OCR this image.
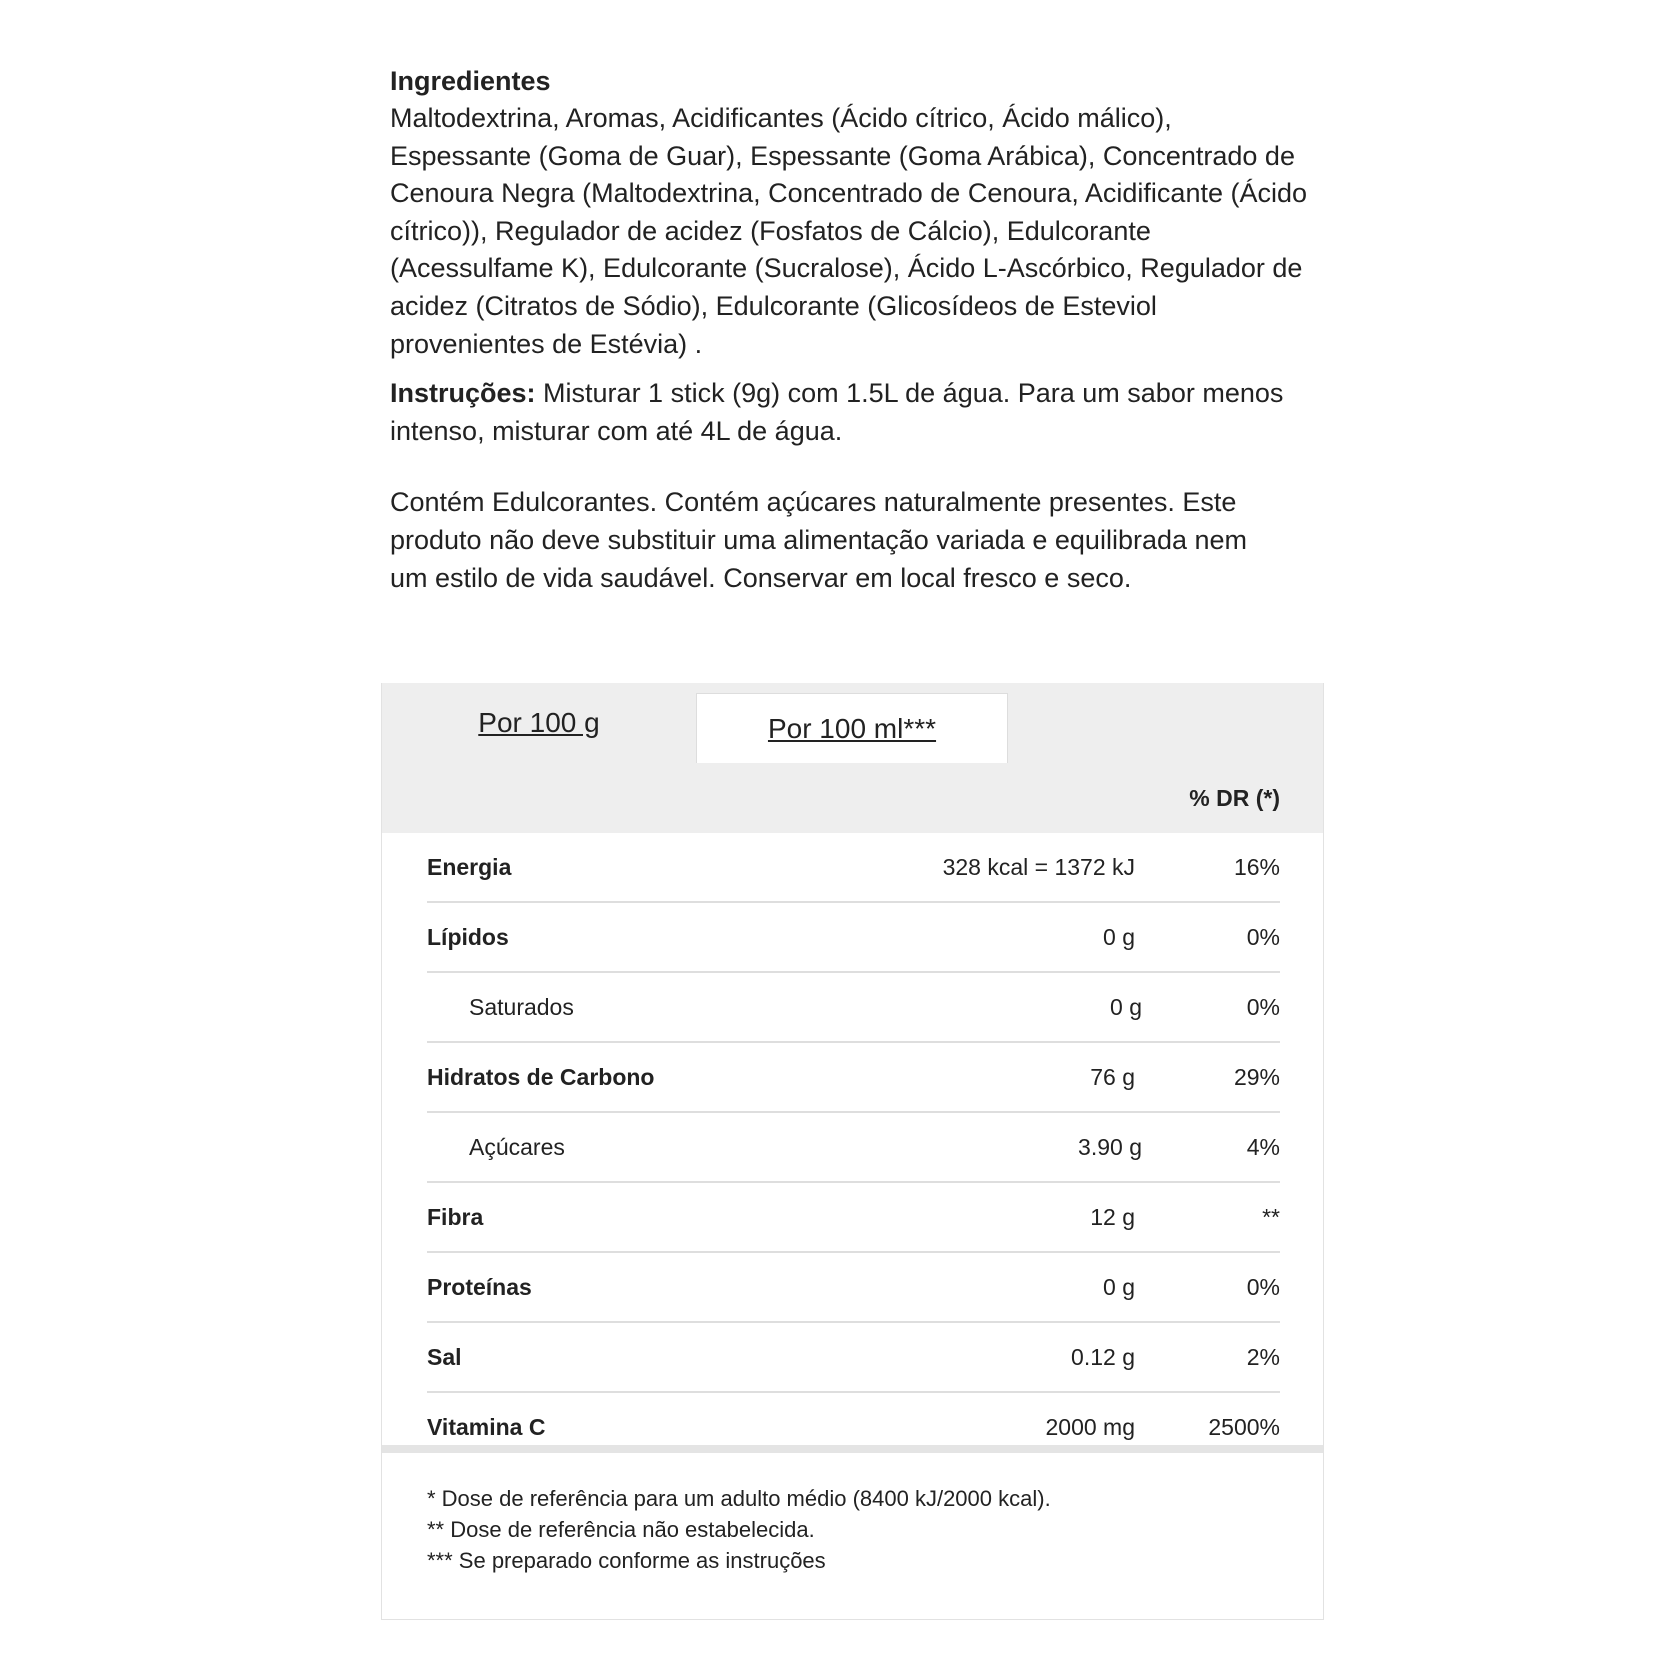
Ingredientes

Maltodextrina, Aromas, Acidificantes (Ácido cítrico, Ácido málico), Espessante (Goma de Guar), Espessante (Goma Arábica), Concentrado de Cenoura Negra (Maltodextrina, Concentrado de Cenoura, Acidificante (Ácido cítrico)), Regulador de acidez (Fosfatos de Cálcio), Edulcorante (Acessulfame K), Edulcorante (Sucralose), Ácido L-Ascórbico, Regulador de acidez (Citratos de Sódio), Edulcorante (Glicosídeos de Esteviol provenientes de Estévia) .

Instruções: Misturar 1 stick (9g) com 1.5L de água. Para um sabor menos intenso, misturar com até 4L de água.

Contém Edulcorantes. Contém açúcares naturalmente presentes. Este produto não deve substituir uma alimentação variada e equilibrada nem um estilo de vida saudável. Conservar em local fresco e seco.

Por 100 g	Por 100 ml***
% DR (*)
Energia	328 kcal = 1372 kJ	16%
Lípidos	0 g	0%
Saturados	0 g	0%
Hidratos de Carbono	76 g	29%
Açúcares	3.90 g	4%
Fibra	12 g	**
Proteínas	0 g	0%
Sal	0.12 g	2%
Vitamina C	2000 mg	2500%

* Dose de referência para um adulto médio (8400 kJ/2000 kcal).

** Dose de referência não estabelecida.

*** Se preparado conforme as instruções
